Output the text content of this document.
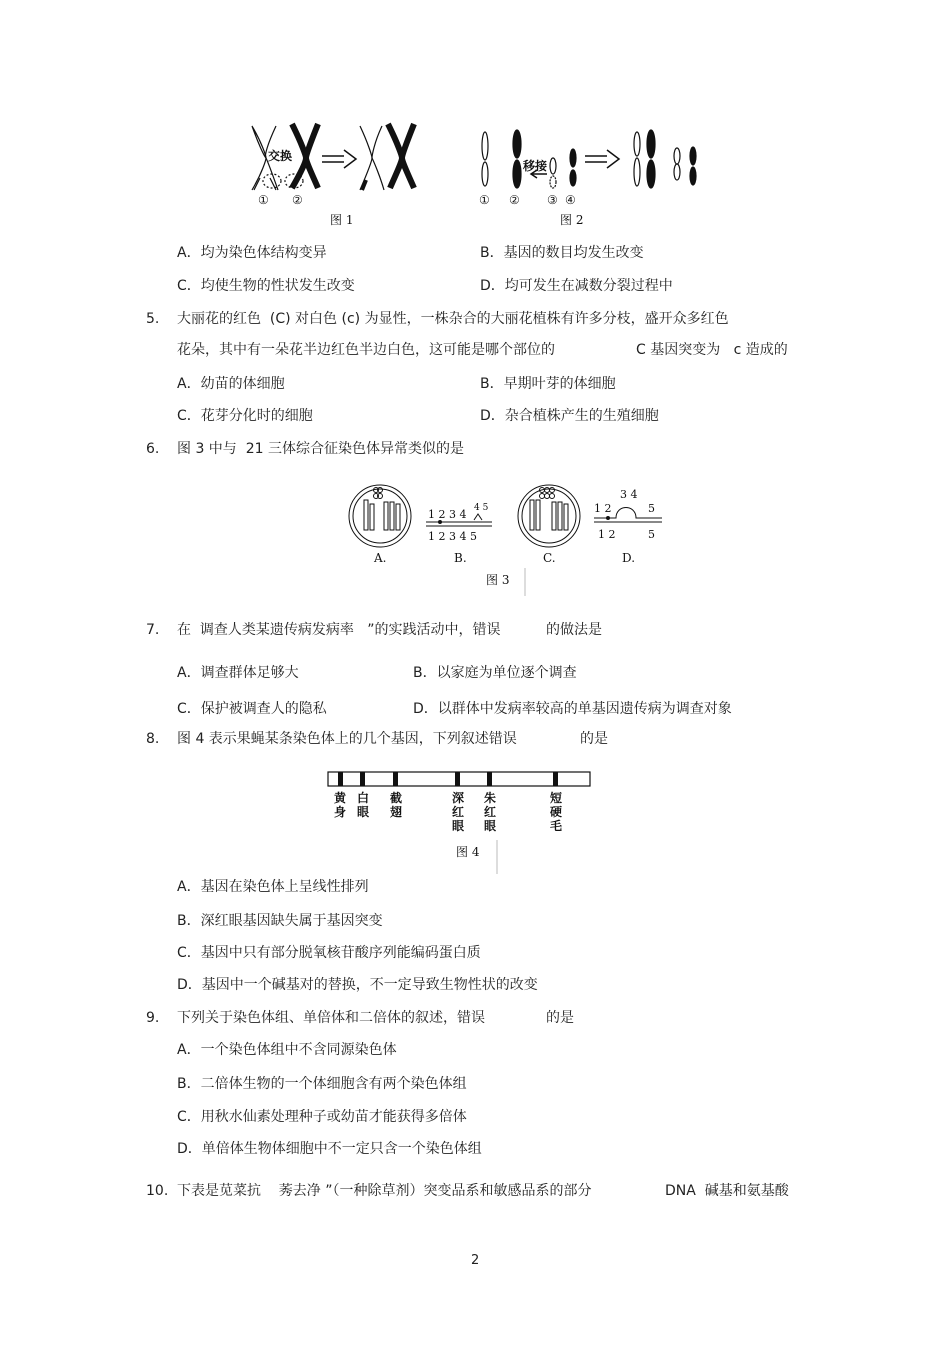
交换
① ②
图 1
移接
① ② ③ ④
图 2
A．均为染色体结构变异	B．基因的数目均发生改变
C．均使生物的性状发生改变	D．均可发生在减数分裂过程中
5. 大丽花的红色  (C) 对白色 (c) 为显性，一株杂合的大丽花植株有许多分枝，盛开众多红色
花朵，其中有一朵花半边红色半边白色，这可能是哪个部位的	C 基因突变为   c 造成的
A．幼苗的体细胞	B．早期叶芽的体细胞
C．花芽分化时的细胞	D．杂合植株产生的生殖细胞
6. 图 3 中与  21 三体综合征染色体异常类似的是
1 2 3 4 4 5
1 2 3 4 5
1 2
3 4
5
1 2	5
A.	B.	C.	D.
图 3
7. 在  调查人类某遗传病发病率   ”的实践活动中，错误	的做法是
A．调查群体足够大	B．以家庭为单位逐个调查
C．保护被调查人的隐私	D．以群体中发病率较高的单基因遗传病为调查对象
8. 图 4 表示果蝇某条染色体上的几个基因，下列叙述错误	的是
黄身
白眼
截翅
深红眼
朱红眼
短硬毛
图 4
A．基因在染色体上呈线性排列
B．深红眼基因缺失属于基因突变
C．基因中只有部分脱氧核苷酸序列能编码蛋白质
D．基因中一个碱基对的替换，不一定导致生物性状的改变
9. 下列关于染色体组、单倍体和二倍体的叙述，错误	的是
A．一个染色体组中不含同源染色体
B．二倍体生物的一个体细胞含有两个染色体组
C．用秋水仙素处理种子或幼苗才能获得多倍体
D．单倍体生物体细胞中不一定只含一个染色体组
10. 下表是苋菜抗    莠去净 ”（一种除草剂）突变品系和敏感品系的部分	DNA  碱基和氨基酸
2
